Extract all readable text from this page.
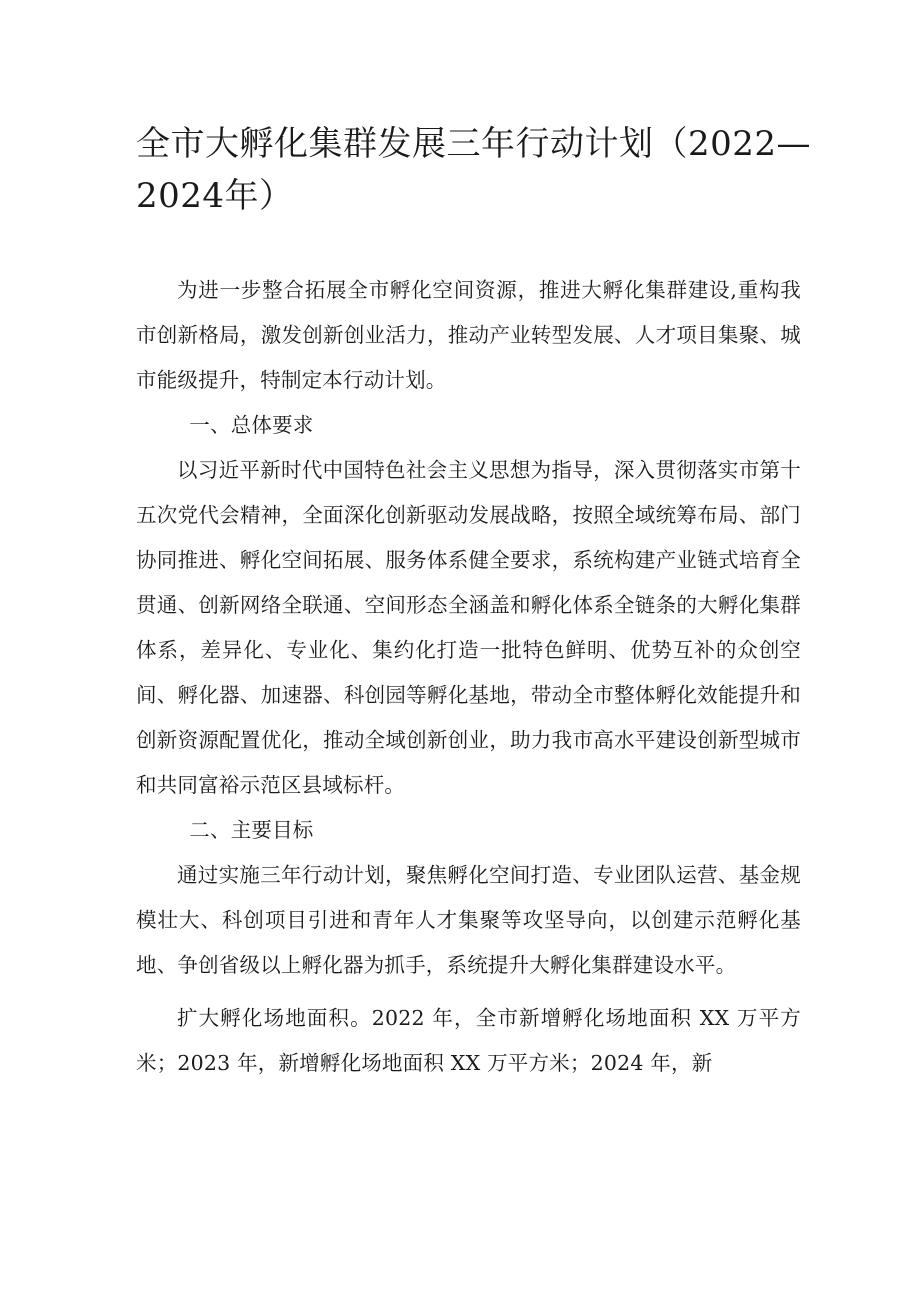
全市大孵化集群发展三年行动计划（2022—2024年）

为进一步整合拓展全市孵化空间资源，推进大孵化集群建设,重构我市创新格局，激发创新创业活力，推动产业转型发展、人才项目集聚、城市能级提升，特制定本行动计划。

一、总体要求

以习近平新时代中国特色社会主义思想为指导，深入贯彻落实市第十五次党代会精神，全面深化创新驱动发展战略，按照全域统筹布局、部门协同推进、孵化空间拓展、服务体系健全要求，系统构建产业链式培育全贯通、创新网络全联通、空间形态全涵盖和孵化体系全链条的大孵化集群体系，差异化、专业化、集约化打造一批特色鲜明、优势互补的众创空间、孵化器、加速器、科创园等孵化基地，带动全市整体孵化效能提升和创新资源配置优化，推动全域创新创业，助力我市高水平建设创新型城市和共同富裕示范区县域标杆。

二、主要目标

通过实施三年行动计划，聚焦孵化空间打造、专业团队运营、基金规模壮大、科创项目引进和青年人才集聚等攻坚导向，以创建示范孵化基地、争创省级以上孵化器为抓手，系统提升大孵化集群建设水平。

扩大孵化场地面积。2022 年，全市新增孵化场地面积 XX 万平方米；2023 年，新增孵化场地面积 XX 万平方米；2024 年，新
